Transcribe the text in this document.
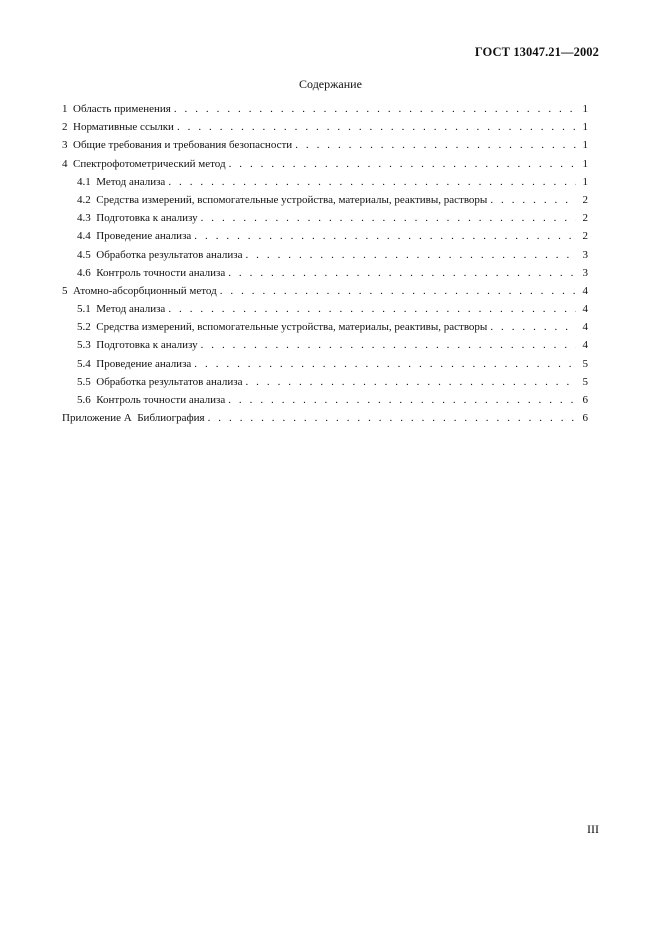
ГОСТ 13047.21—2002
Содержание
1 Область применения . . .	1
2 Нормативные ссылки . . .	1
3 Общие требования и требования безопасности . . .	1
4 Спектрофотометрический метод . . .	1
4.1 Метод анализа . . .	1
4.2 Средства измерений, вспомогательные устройства, материалы, реактивы, растворы . . .	2
4.3 Подготовка к анализу . . .	2
4.4 Проведение анализа . . .	2
4.5 Обработка результатов анализа . . .	3
4.6 Контроль точности анализа . . .	3
5 Атомно-абсорбционный метод . . .	4
5.1 Метод анализа . . .	4
5.2 Средства измерений, вспомогательные устройства, материалы, реактивы, растворы . . .	4
5.3 Подготовка к анализу . . .	4
5.4 Проведение анализа . . .	5
5.5 Обработка результатов анализа . . .	5
5.6 Контроль точности анализа . . .	6
Приложение А Библиография . . .	6
III
